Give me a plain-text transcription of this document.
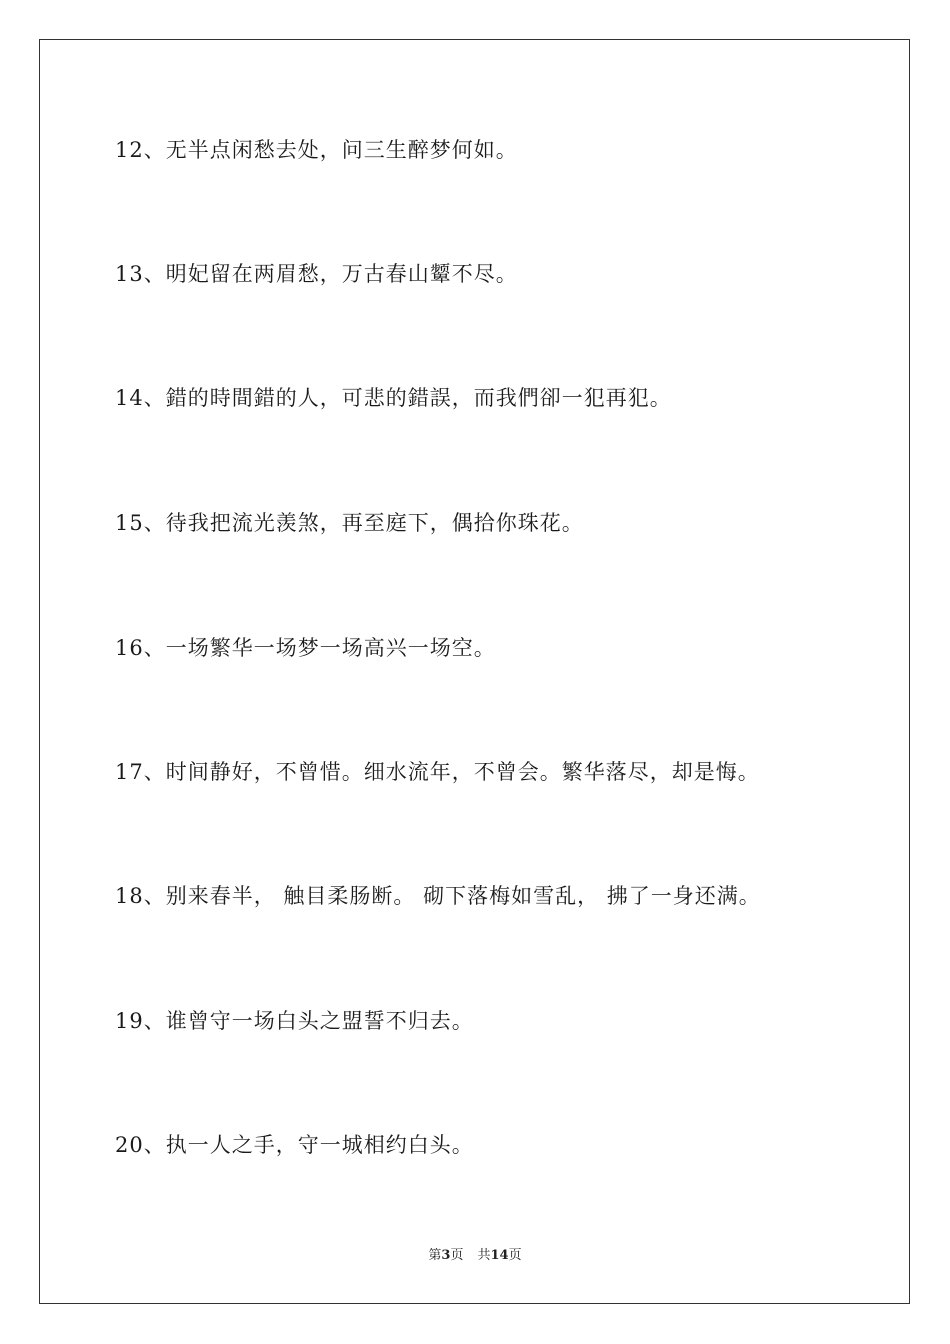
12、无半点闲愁去处，问三生醉梦何如。
13、明妃留在两眉愁，万古春山颦不尽。
14、錯的時間錯的人，可悲的錯誤，而我們卻一犯再犯。
15、待我把流光羡煞，再至庭下，偶拾你珠花。
16、一场繁华一场梦一场高兴一场空。
17、时间静好，不曾惜。细水流年，不曾会。繁华落尽，却是悔。
18、别来春半， 触目柔肠断。 砌下落梅如雪乱， 拂了一身还满。
19、谁曾守一场白头之盟誓不归去。
20、执一人之手，守一城相约白头。
第3页 共14页
